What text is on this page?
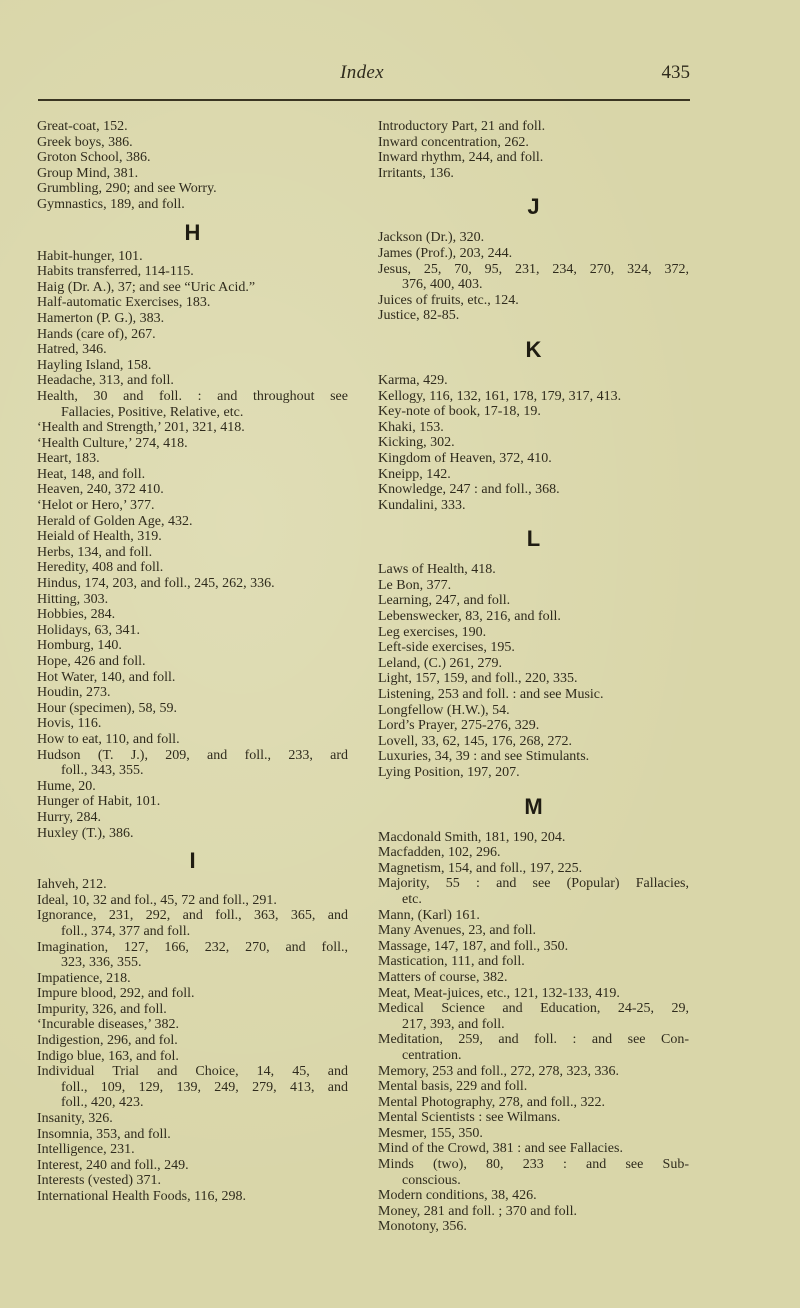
Index	435
Great-coat, 152.
Greek boys, 386.
Groton School, 386.
Group Mind, 381.
Grumbling, 290; and see Worry.
Gymnastics, 189, and foll.
H
Habit-hunger, 101.
Habits transferred, 114-115.
Haig (Dr. A.), 37; and see “Uric Acid.”
Half-automatic Exercises, 183.
Hamerton (P. G.), 383.
Hands (care of), 267.
Hatred, 346.
Hayling Island, 158.
Headache, 313, and foll.
Health, 30 and foll. : and throughout see
Fallacies, Positive, Relative, etc.
‘Health and Strength,’ 201, 321, 418.
‘Health Culture,’ 274, 418.
Heart, 183.
Heat, 148, and foll.
Heaven, 240, 372 410.
‘Helot or Hero,’ 377.
Herald of Golden Age, 432.
Heiald of Health, 319.
Herbs, 134, and foll.
Heredity, 408 and foll.
Hindus, 174, 203, and foll., 245, 262, 336.
Hitting, 303.
Hobbies, 284.
Holidays, 63, 341.
Homburg, 140.
Hope, 426 and foll.
Hot Water, 140, and foll.
Houdin, 273.
Hour (specimen), 58, 59.
Hovis, 116.
How to eat, 110, and foll.
Hudson (T. J.), 209, and foll., 233, ard
foll., 343, 355.
Hume, 20.
Hunger of Habit, 101.
Hurry, 284.
Huxley (T.), 386.
I
Iahveh, 212.
Ideal, 10, 32 and fol., 45, 72 and foll., 291.
Ignorance, 231, 292, and foll., 363, 365, and
foll., 374, 377 and foll.
Imagination, 127, 166, 232, 270, and foll.,
323, 336, 355.
Impatience, 218.
Impure blood, 292, and foll.
Impurity, 326, and foll.
‘Incurable diseases,’ 382.
Indigestion, 296, and fol.
Indigo blue, 163, and fol.
Individual Trial and Choice, 14, 45, and
foll., 109, 129, 139, 249, 279, 413, and
foll., 420, 423.
Insanity, 326.
Insomnia, 353, and foll.
Intelligence, 231.
Interest, 240 and foll., 249.
Interests (vested) 371.
International Health Foods, 116, 298.
Introductory Part, 21 and foll.
Inward concentration, 262.
Inward rhythm, 244, and foll.
Irritants, 136.
J
Jackson (Dr.), 320.
James (Prof.), 203, 244.
Jesus, 25, 70, 95, 231, 234, 270, 324, 372,
376, 400, 403.
Juices of fruits, etc., 124.
Justice, 82-85.
K
Karma, 429.
Kellogy, 116, 132, 161, 178, 179, 317, 413.
Key-note of book, 17-18, 19.
Khaki, 153.
Kicking, 302.
Kingdom of Heaven, 372, 410.
Kneipp, 142.
Knowledge, 247 : and foll., 368.
Kundalini, 333.
L
Laws of Health, 418.
Le Bon, 377.
Learning, 247, and foll.
Lebenswecker, 83, 216, and foll.
Leg exercises, 190.
Left-side exercises, 195.
Leland, (C.) 261, 279.
Light, 157, 159, and foll., 220, 335.
Listening, 253 and foll. : and see Music.
Longfellow (H.W.), 54.
Lord’s Prayer, 275-276, 329.
Lovell, 33, 62, 145, 176, 268, 272.
Luxuries, 34, 39 : and see Stimulants.
Lying Position, 197, 207.
M
Macdonald Smith, 181, 190, 204.
Macfadden, 102, 296.
Magnetism, 154, and foll., 197, 225.
Majority, 55 : and see (Popular) Fallacies,
etc.
Mann, (Karl) 161.
Many Avenues, 23, and foll.
Massage, 147, 187, and foll., 350.
Mastication, 111, and foll.
Matters of course, 382.
Meat, Meat-juices, etc., 121, 132-133, 419.
Medical Science and Education, 24-25, 29,
217, 393, and foll.
Meditation, 259, and foll. : and see Con-
centration.
Memory, 253 and foll., 272, 278, 323, 336.
Mental basis, 229 and foll.
Mental Photography, 278, and foll., 322.
Mental Scientists : see Wilmans.
Mesmer, 155, 350.
Mind of the Crowd, 381 : and see Fallacies.
Minds (two), 80, 233 : and see Sub-
conscious.
Modern conditions, 38, 426.
Money, 281 and foll. ; 370 and foll.
Monotony, 356.
